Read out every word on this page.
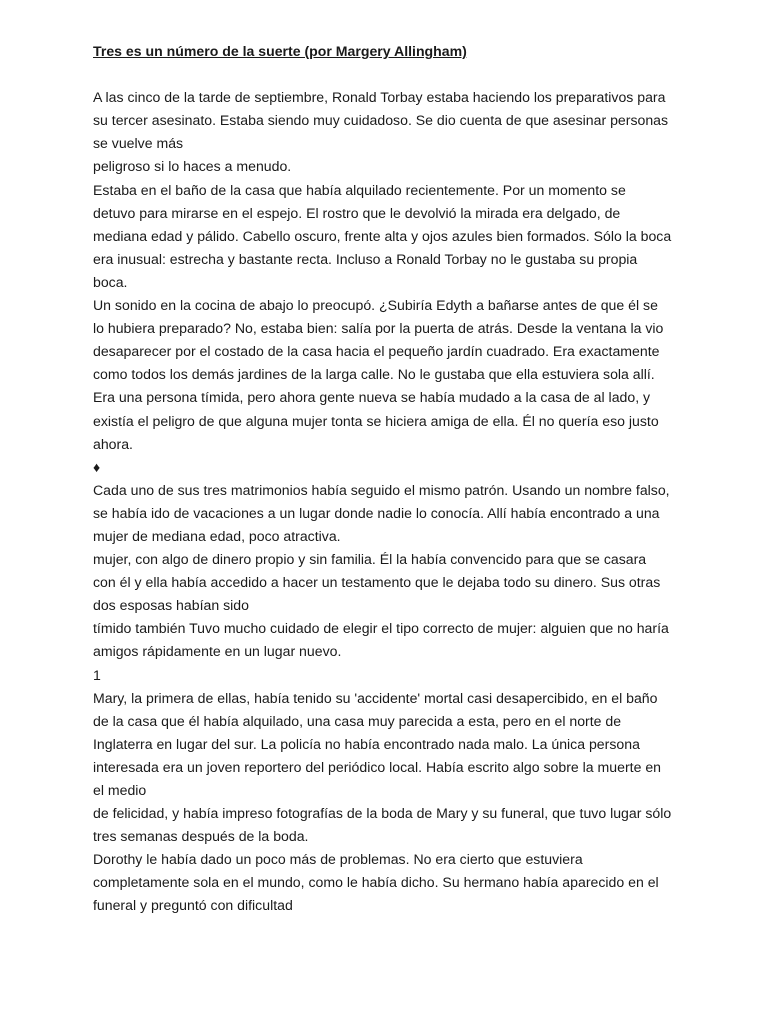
Tres es un número de la suerte (por Margery Allingham)

A las cinco de la tarde de septiembre, Ronald Torbay estaba haciendo los preparativos para

su tercer asesinato. Estaba siendo muy cuidadoso. Se dio cuenta de que asesinar personas

se vuelve más

peligroso si lo haces a menudo.

Estaba en el baño de la casa que había alquilado recientemente. Por un momento se

detuvo para mirarse en el espejo. El rostro que le devolvió la mirada era delgado, de

mediana edad y pálido. Cabello oscuro, frente alta y ojos azules bien formados. Sólo la boca

era inusual: estrecha y bastante recta. Incluso a Ronald Torbay no le gustaba su propia

boca.

Un sonido en la cocina de abajo lo preocupó. ¿Subiría Edyth a bañarse antes de que él se

lo hubiera preparado? No, estaba bien: salía por la puerta de atrás. Desde la ventana la vio

desaparecer por el costado de la casa hacia el pequeño jardín cuadrado. Era exactamente

como todos los demás jardines de la larga calle. No le gustaba que ella estuviera sola allí.

Era una persona tímida, pero ahora gente nueva se había mudado a la casa de al lado, y

existía el peligro de que alguna mujer tonta se hiciera amiga de ella. Él no quería eso justo

ahora.

♦

Cada uno de sus tres matrimonios había seguido el mismo patrón. Usando un nombre falso,

se había ido de vacaciones a un lugar donde nadie lo conocía. Allí había encontrado a una

mujer de mediana edad, poco atractiva.

mujer, con algo de dinero propio y sin familia. Él la había convencido para que se casara

con él y ella había accedido a hacer un testamento que le dejaba todo su dinero. Sus otras

dos esposas habían sido

tímido también Tuvo mucho cuidado de elegir el tipo correcto de mujer: alguien que no haría

amigos rápidamente en un lugar nuevo.

1

Mary, la primera de ellas, había tenido su 'accidente' mortal casi desapercibido, en el baño

de la casa que él había alquilado, una casa muy parecida a esta, pero en el norte de

Inglaterra en lugar del sur. La policía no había encontrado nada malo. La única persona

interesada era un joven reportero del periódico local. Había escrito algo sobre la muerte en

el medio

de felicidad, y había impreso fotografías de la boda de Mary y su funeral, que tuvo lugar sólo

tres semanas después de la boda.

Dorothy le había dado un poco más de problemas. No era cierto que estuviera

completamente sola en el mundo, como le había dicho. Su hermano había aparecido en el

funeral y preguntó con dificultad
